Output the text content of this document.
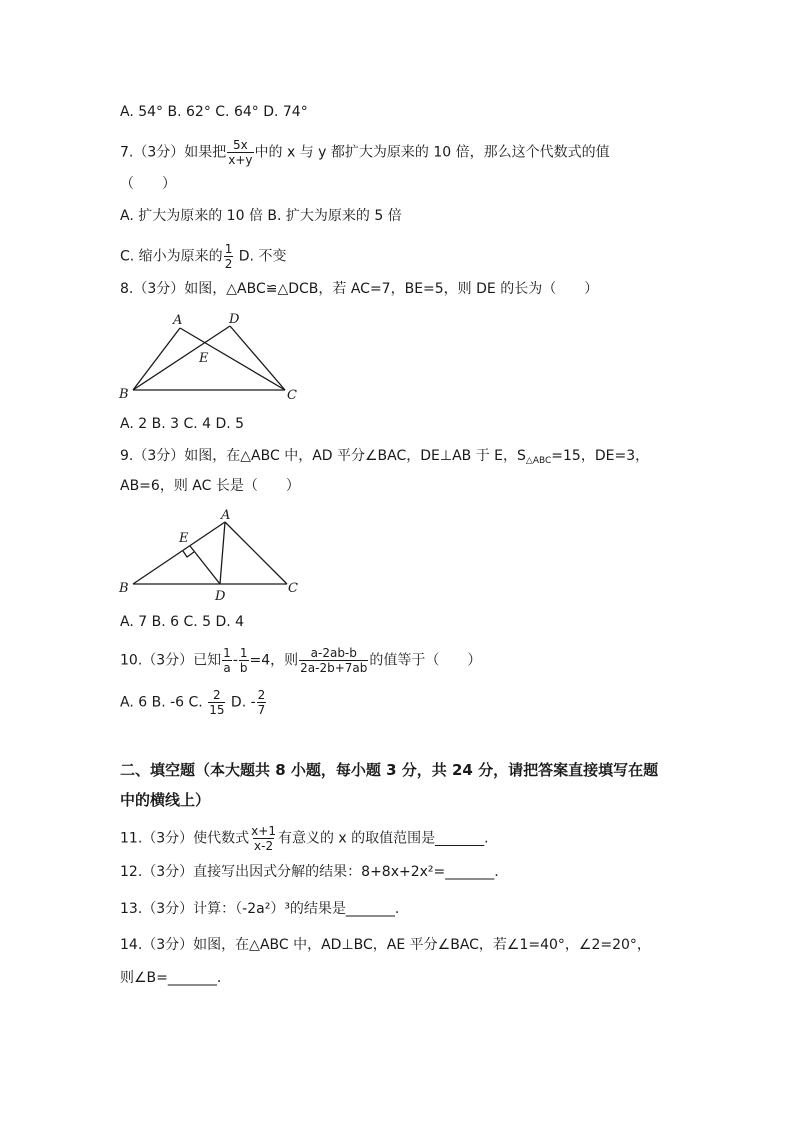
A. 54° B. 62° C. 64° D. 74°
7.（3分）如果把 $\frac{5x}{x+y}$ 中的 x 与 y 都扩大为原来的 10 倍，那么这个代数式的值
（　　）
A. 扩大为原来的 10 倍 B. 扩大为原来的 5 倍
C. 缩小为原来的 $\frac{1}{2} D$. 不变
8.（3分）如图，△ABC≌△DCB，若 AC=7，BE=5，则 DE 的长为（　　）
A	D
E
B	C
A. 2 B. 3 C. 4 D. 5
9.（3分）如图，在△ABC 中，AD 平分∠BAC，DE⊥AB 于 E，$S_{\triangle ABC}=15$，DE=3，
AB=6，则 AC 长是（　　）
A
E
B
D
C
A. 7 B. 6 C. 5 D. 4
10.（3分）已知 $\frac{1}{a} - \frac{1}{b} =4$，则 $\frac{a-2ab-b}{2a-2b+7ab}$ 的值等于（　　）
A. 6 B. -6 C. $\frac{2}{15} D$. - $\frac{2}{7}$
二、填空题（本大题共 8 小题，每小题 3 分，共 24 分，请把答案直接填写在题
中的横线上）
11.（3分）使代数式 $\frac{x+1}{x-2}$ 有意义的 x 的取值范围是_______.
12.（3分）直接写出因式分解的结果：8+8x+2x²=_______.
13.（3分）计算：（-2a²）³的结果是_______.
14.（3分）如图，在△ABC 中，AD⊥BC，AE 平分∠BAC，若∠1=40°，∠2=20°，
则∠B=_______.
